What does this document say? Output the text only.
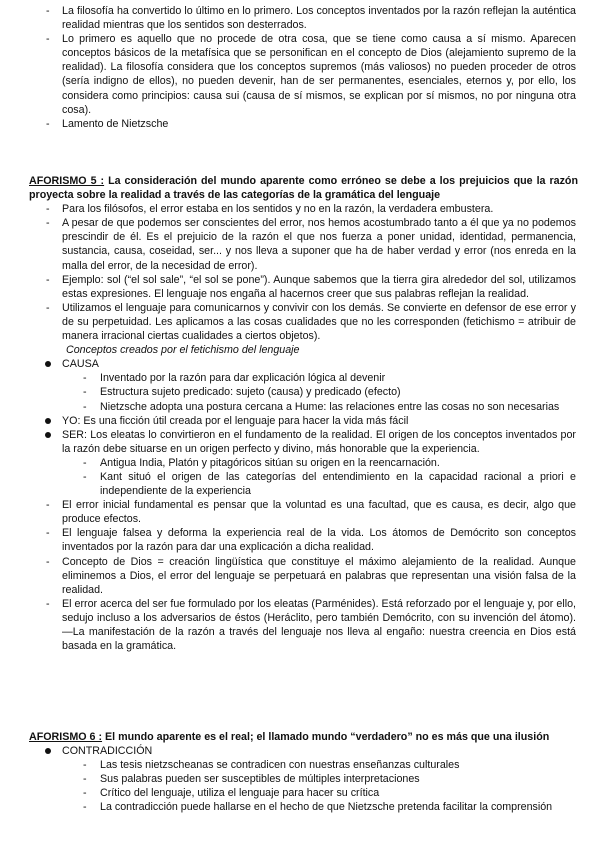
- La filosofía ha convertido lo último en lo primero. Los conceptos inventados por la razón reflejan la auténtica realidad mientras que los sentidos son desterrados.
- Lo primero es aquello que no procede de otra cosa, que se tiene como causa a sí mismo. Aparecen conceptos básicos de la metafísica que se personifican en el concepto de Dios (alejamiento supremo de la realidad). La filosofía considera que los conceptos supremos (más valiosos) no pueden proceder de otros (sería indigno de ellos), no pueden devenir, han de ser permanentes, esenciales, eternos y, por ello, los considera como principios: causa sui (causa de sí mismos, se explican por sí mismos, no por ninguna otra cosa).
- Lamento de Nietzsche
AFORISMO 5 : La consideración del mundo aparente como erróneo se debe a los prejuicios que la razón proyecta sobre la realidad a través de las categorías de la gramática del lenguaje
- Para los filósofos, el error estaba en los sentidos y no en la razón, la verdadera embustera.
- A pesar de que podemos ser conscientes del error, nos hemos acostumbrado tanto a él que ya no podemos prescindir de él. Es el prejuicio de la razón el que nos fuerza a poner unidad, identidad, permanencia, sustancia, causa, coseidad, ser... y nos lleva a suponer que ha de haber verdad y error (nos enreda en la malla del error, de la necesidad de error).
- Ejemplo: sol (“el sol sale”, “el sol se pone”). Aunque sabemos que la tierra gira alrededor del sol, utilizamos estas expresiones. El lenguaje nos engaña al hacernos creer que sus palabras reflejan la realidad.
- Utilizamos el lenguaje para comunicarnos y convivir con los demás. Se convierte en defensor de ese error y de su perpetuidad. Les aplicamos a las cosas cualidades que no les corresponden (fetichismo = atribuir de manera irracional ciertas cualidades a ciertos objetos).
Conceptos creados por el fetichismo del lenguaje
CAUSA
- Inventado por la razón para dar explicación lógica al devenir
- Estructura sujeto predicado: sujeto (causa) y predicado (efecto)
- Nietzsche adopta una postura cercana a Hume: las relaciones entre las cosas no son necesarias
YO: Es una ficción útil creada por el lenguaje para hacer la vida más fácil
SER: Los eleatas lo convirtieron en el fundamento de la realidad. El origen de los conceptos inventados por la razón debe situarse en un origen perfecto y divino, más honorable que la experiencia.
- Antigua India, Platón y pitagóricos sitúan su origen en la reencarnación.
- Kant situó el origen de las categorías del entendimiento en la capacidad racional a priori e independiente de la experiencia
- El error inicial fundamental es pensar que la voluntad es una facultad, que es causa, es decir, algo que produce efectos.
- El lenguaje falsea y deforma la experiencia real de la vida. Los átomos de Demócrito son conceptos inventados por la razón para dar una explicación a dicha realidad.
- Concepto de Dios = creación lingüística que constituye el máximo alejamiento de la realidad. Aunque eliminemos a Dios, el error del lenguaje se perpetuará en palabras que representan una visión falsa de la realidad.
- El error acerca del ser fue formulado por los eleatas (Parménides). Está reforzado por el lenguaje y, por ello, sedujo incluso a los adversarios de éstos (Heráclito, pero también Demócrito, con su invención del átomo). —La manifestación de la razón a través del lenguaje nos lleva al engaño: nuestra creencia en Dios está basada en la gramática.
AFORISMO 6 : El mundo aparente es el real; el llamado mundo “verdadero” no es más que una ilusión
CONTRADICCIÓN
- Las tesis nietzscheanas se contradicen con nuestras enseñanzas culturales
- Sus palabras pueden ser susceptibles de múltiples interpretaciones
- Crítico del lenguaje, utiliza el lenguaje para hacer su crítica
- La contradicción puede hallarse en el hecho de que Nietzsche pretenda facilitar la comprensión
